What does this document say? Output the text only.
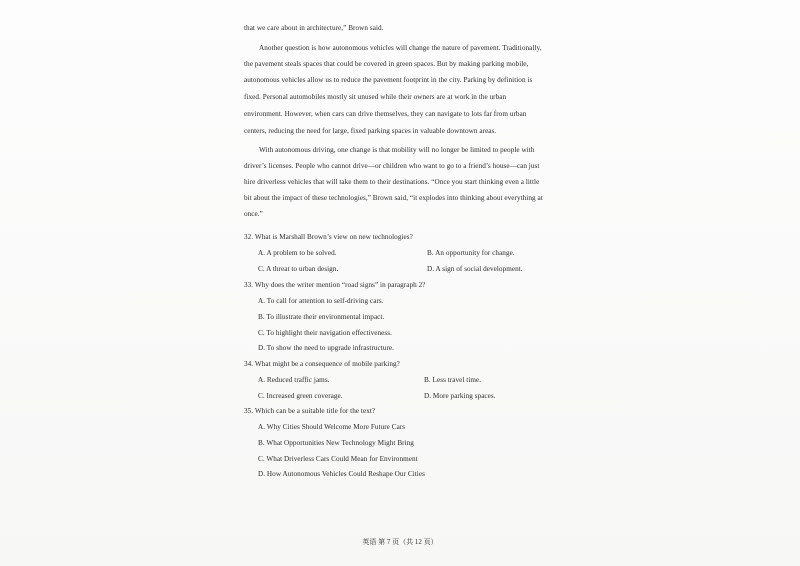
that we care about in architecture,” Brown said.
Another question is how autonomous vehicles will change the nature of pavement. Traditionally,
the pavement steals spaces that could be covered in green spaces. But by making parking mobile,
autonomous vehicles allow us to reduce the pavement footprint in the city. Parking by definition is
fixed. Personal automobiles mostly sit unused while their owners are at work in the urban
environment. However, when cars can drive themselves, they can navigate to lots far from urban
centers, reducing the need for large, fixed parking spaces in valuable downtown areas.
With autonomous driving, one change is that mobility will no longer be limited to people with
driver’s licenses. People who cannot drive—or children who want to go to a friend’s house—can just
hire driverless vehicles that will take them to their destinations. “Once you start thinking even a little
bit about the impact of these technologies,” Brown said, “it explodes into thinking about everything at
once.”
32. What is Marshall Brown’s view on new technologies?
A. A problem to be solved.	B. An opportunity for change.
C. A threat to urban design.	D. A sign of social development.
33. Why does the writer mention “road signs” in paragraph 2?
A. To call for attention to self-driving cars.
B. To illustrate their environmental impact.
C. To highlight their navigation effectiveness.
D. To show the need to upgrade infrastructure.
34. What might be a consequence of mobile parking?
A. Reduced traffic jams.	B. Less travel time.
C. Increased green coverage.	D. More parking spaces.
35. Which can be a suitable title for the text?
A. Why Cities Should Welcome More Future Cars
B. What Opportunities New Technology Might Bring
C. What Driverless Cars Could Mean for Environment
D. How Autonomous Vehicles Could Reshape Our Cities
英语 第 7 页（共 12 页）
